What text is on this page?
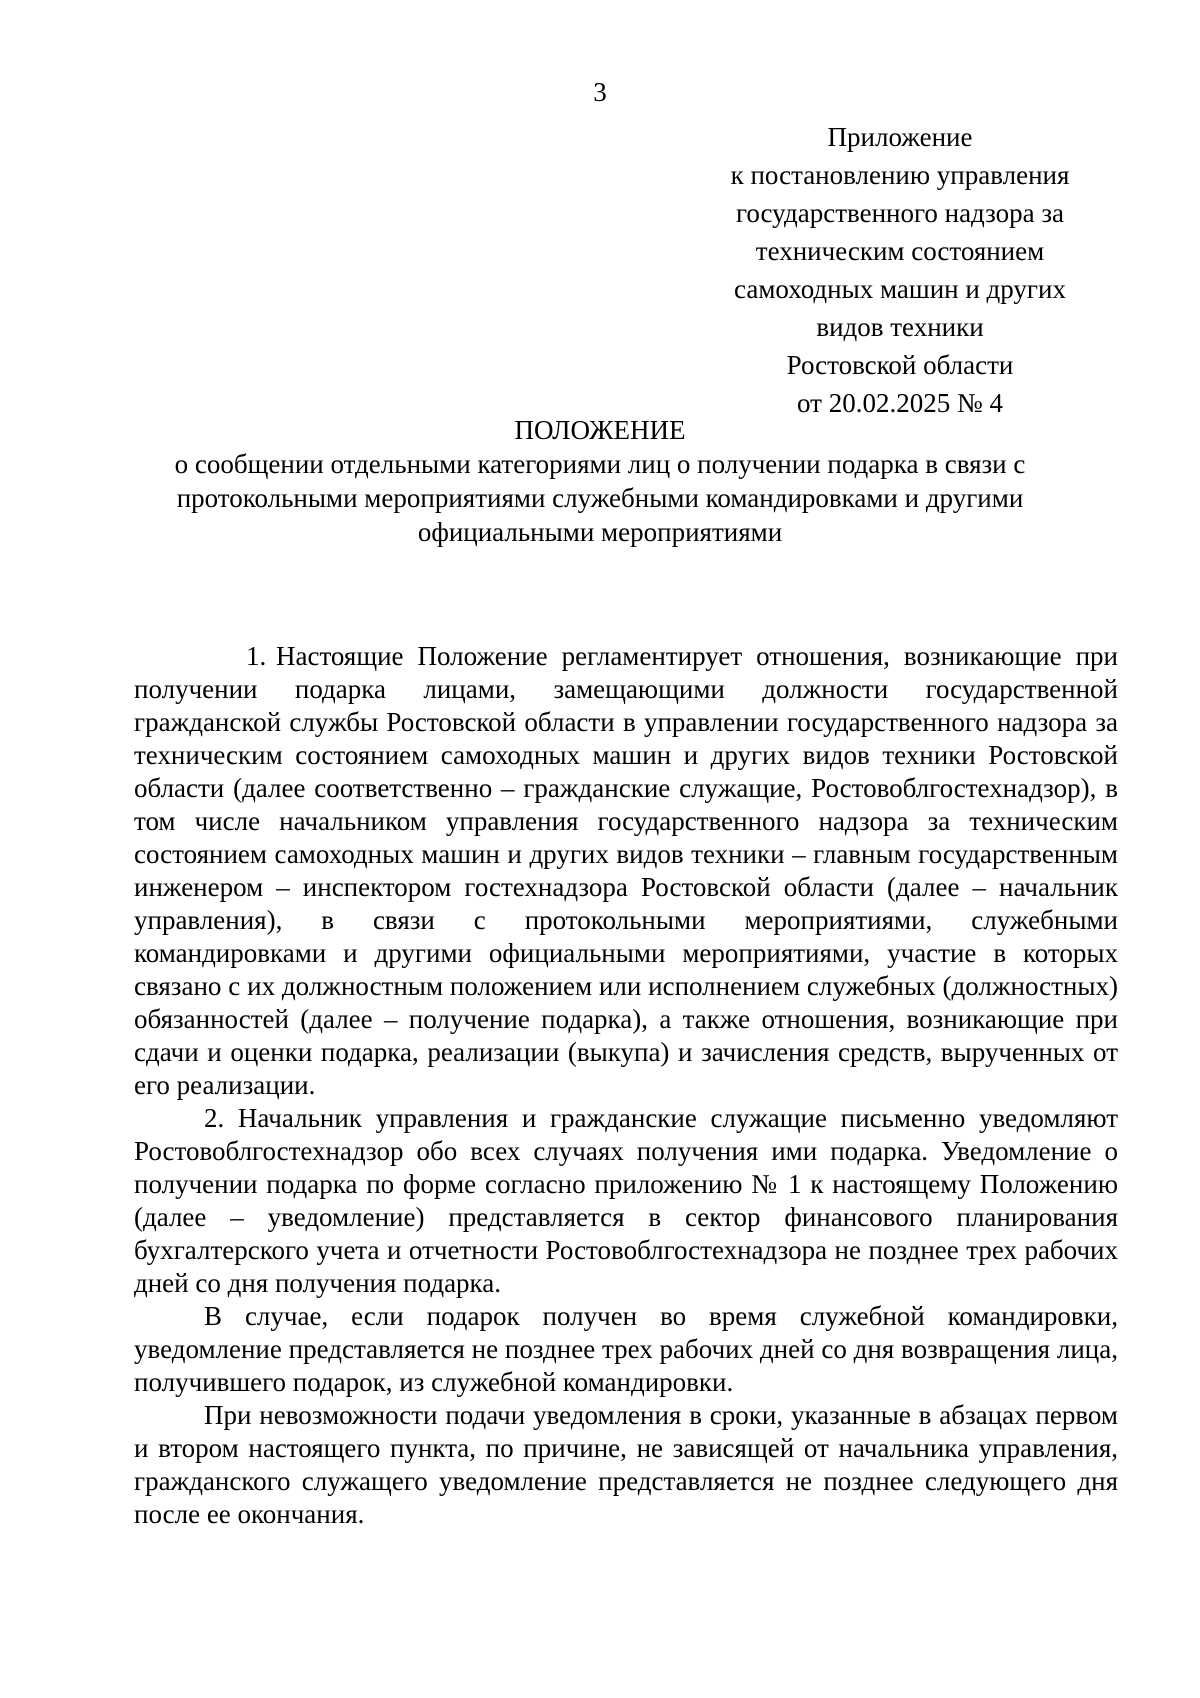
3
Приложение
к постановлению управления
государственного надзора за
техническим состоянием
самоходных машин и других
видов техники
Ростовской области
от 20.02.2025 № 4
ПОЛОЖЕНИЕ
о сообщении отдельными категориями лиц о получении подарка в связи с
протокольными мероприятиями служебными командировками и другими
официальными мероприятиями

1. Настоящие Положение регламентирует отношения, возникающие при получении подарка лицами, замещающими должности государственной гражданской службы Ростовской области в управлении государственного надзора за техническим состоянием самоходных машин и других видов техники Ростовской области (далее соответственно – гражданские служащие, Ростовоблгостехнадзор), в том числе начальником управления государственного надзора за техническим состоянием самоходных машин и других видов техники – главным государственным инженером – инспектором гостехнадзора Ростовской области (далее – начальник управления), в связи с протокольными мероприятиями, служебными командировками и другими официальными мероприятиями, участие в которых связано с их должностным положением или исполнением служебных (должностных) обязанностей (далее – получение подарка), а также отношения, возникающие при сдачи и оценки подарка, реализации (выкупа) и зачисления средств, вырученных от его реализации.

2. Начальник управления и гражданские служащие письменно уведомляют Ростовоблгостехнадзор обо всех случаях получения ими подарка. Уведомление о получении подарка по форме согласно приложению № 1 к настоящему Положению (далее – уведомление) представляется в сектор финансового планирования бухгалтерского учета и отчетности Ростовоблгостехнадзора не позднее трех рабочих дней со дня получения подарка.

В случае, если подарок получен во время служебной командировки, уведомление представляется не позднее трех рабочих дней со дня возвращения лица, получившего подарок, из служебной командировки.

При невозможности подачи уведомления в сроки, указанные в абзацах первом и втором настоящего пункта, по причине, не зависящей от начальника управления, гражданского служащего уведомление представляется не позднее следующего дня после ее окончания.
